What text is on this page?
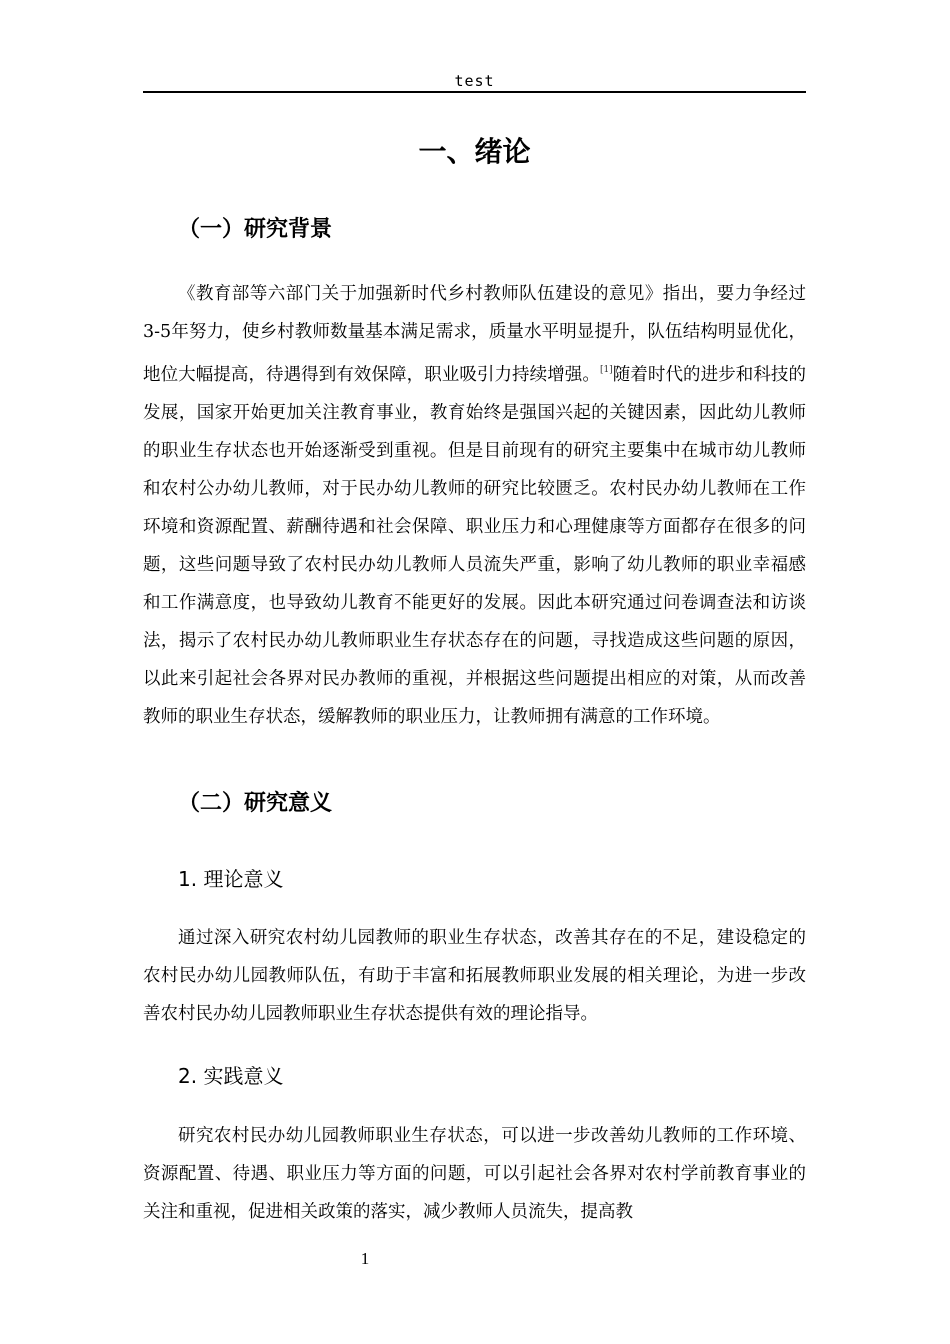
test
一、绪论
（一）研究背景

《教育部等六部门关于加强新时代乡村教师队伍建设的意见》指出，要力争经过3-5年努力，使乡村教师数量基本满足需求，质量水平明显提升，队伍结构明显优化，地位大幅提高，待遇得到有效保障，职业吸引力持续增强。[1]随着时代的进步和科技的发展，国家开始更加关注教育事业，教育始终是强国兴起的关键因素，因此幼儿教师的职业生存状态也开始逐渐受到重视。但是目前现有的研究主要集中在城市幼儿教师和农村公办幼儿教师，对于民办幼儿教师的研究比较匮乏。农村民办幼儿教师在工作环境和资源配置、薪酬待遇和社会保障、职业压力和心理健康等方面都存在很多的问题，这些问题导致了农村民办幼儿教师人员流失严重，影响了幼儿教师的职业幸福感和工作满意度，也导致幼儿教育不能更好的发展。因此本研究通过问卷调查法和访谈法，揭示了农村民办幼儿教师职业生存状态存在的问题，寻找造成这些问题的原因，以此来引起社会各界对民办教师的重视，并根据这些问题提出相应的对策，从而改善教师的职业生存状态，缓解教师的职业压力，让教师拥有满意的工作环境。

（二）研究意义
1. 理论意义

通过深入研究农村幼儿园教师的职业生存状态，改善其存在的不足，建设稳定的农村民办幼儿园教师队伍，有助于丰富和拓展教师职业发展的相关理论，为进一步改善农村民办幼儿园教师职业生存状态提供有效的理论指导。

2. 实践意义

研究农村民办幼儿园教师职业生存状态，可以进一步改善幼儿教师的工作环境、资源配置、待遇、职业压力等方面的问题，可以引起社会各界对农村学前教育事业的关注和重视，促进相关政策的落实，减少教师人员流失，提高教

1
